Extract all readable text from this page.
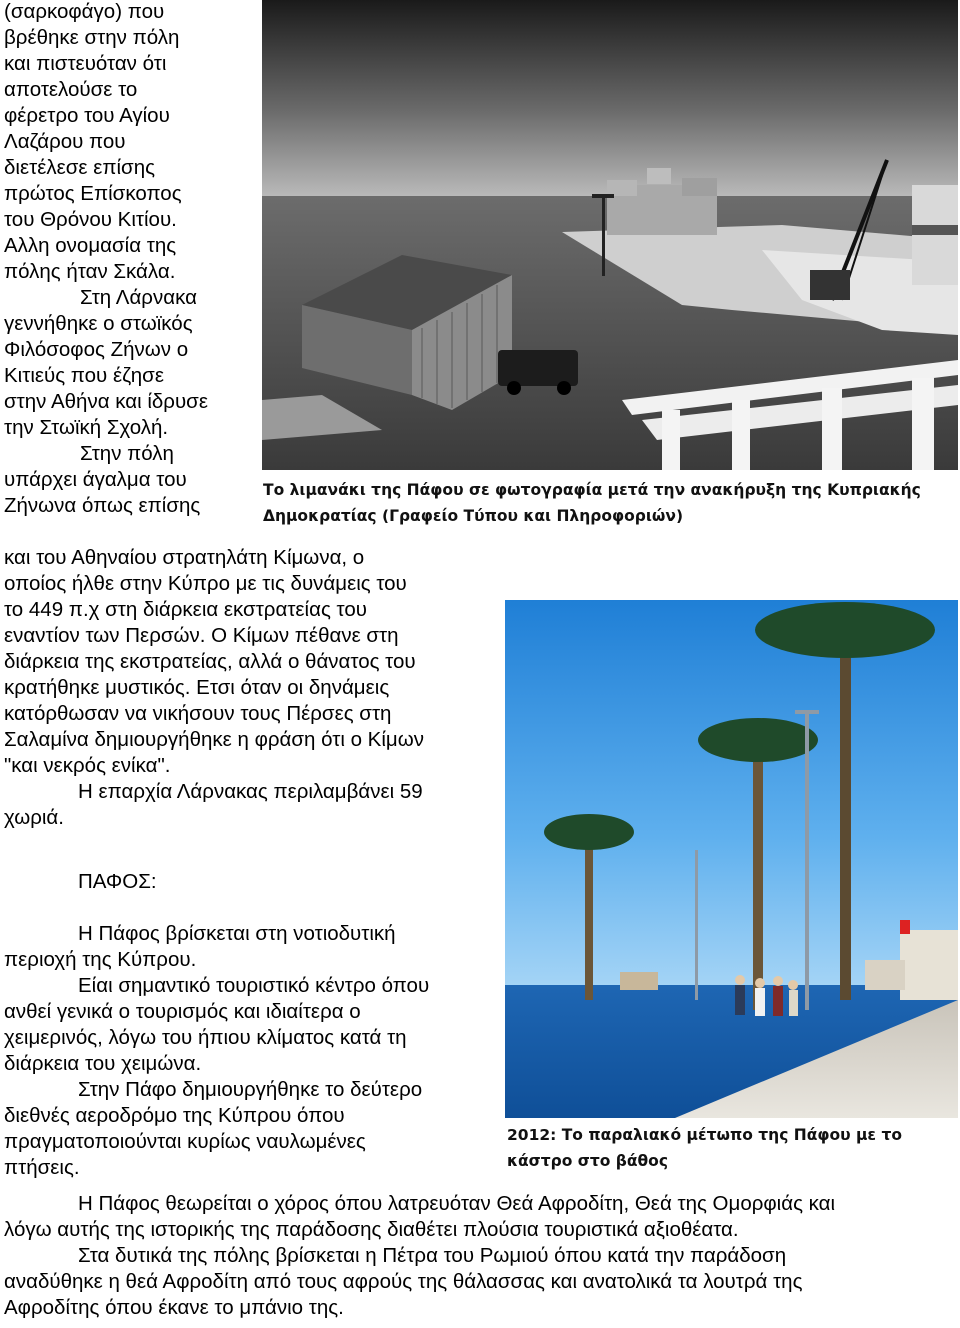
(σαρκοφάγο) που
βρέθηκε στην πόλη
και πιστευόταν ότι
αποτελούσε το
φέρετρο του Αγίου
Λαζάρου που
διετέλεσε επίσης
πρώτος Επίσκοπος
του Θρόνου Κιτίου.
Αλλη ονομασία της
πόλης ήταν Σκάλα.
Στη Λάρνακα
γεννήθηκε ο στωϊκός
Φιλόσοφος Ζήνων ο
Κιτιεύς που έζησε
στην Αθήνα και ίδρυσε
την Στωϊκή Σχολή.
Στην πόλη
υπάρχει άγαλμα του
Ζήνωνα όπως επίσης
Το λιμανάκι της Πάφου σε φωτογραφία μετά την ανακήρυξη της Κυπριακής
Δημοκρατίας (Γραφείο Τύπου και Πληροφοριών)
και του Αθηναίου στρατηλάτη Κίμωνα, ο
οποίος ήλθε στην Κύπρο με τις δυνάμεις του
το 449 π.χ στη διάρκεια εκστρατείας του
εναντίον των Περσών. Ο Κίμων πέθανε στη
διάρκεια της εκστρατείας, αλλά ο θάνατος του
κρατήθηκε μυστικός. Ετσι όταν οι δηνάμεις
κατόρθωσαν να νικήσουν τους Πέρσες στη
Σαλαμίνα δημιουργήθηκε η φράση ότι ο Κίμων
"και νεκρός ενίκα".
Η επαρχία Λάρνακας περιλαμβάνει 59
χωριά.
ΠΑΦΟΣ:
Η Πάφος βρίσκεται στη νοτιοδυτική
περιοχή της Κύπρου.
Είαι σημαντικό τουριστικό κέντρο όπου
ανθεί γενικά ο τουρισμός και ιδιαίτερα ο
χειμερινός, λόγω του ήπιου κλίματος κατά τη
διάρκεια του χειμώνα.
Στην Πάφο δημιουργήθηκε το δεύτερο
διεθνές αεροδρόμο της Κύπρου όπου
πραγματοποιούνται κυρίως ναυλωμένες
πτήσεις.
2012: Το παραλιακό μέτωπο της Πάφου με το
κάστρο στο βάθος
Η Πάφος θεωρείται ο χόρος όπου λατρευόταν Θεά Αφροδίτη, Θεά της Ομορφιάς και
λόγω αυτής της ιστορικής της παράδοσης διαθέτει πλούσια τουριστικά αξιοθέατα.
Στα δυτικά της πόλης βρίσκεται η Πέτρα του Ρωμιού όπου κατά την παράδοση
αναδύθηκε η θεά Αφροδίτη από τους αφρούς της θάλασσας και ανατολικά τα λουτρά της
Αφροδίτης όπου έκανε το μπάνιο της.
